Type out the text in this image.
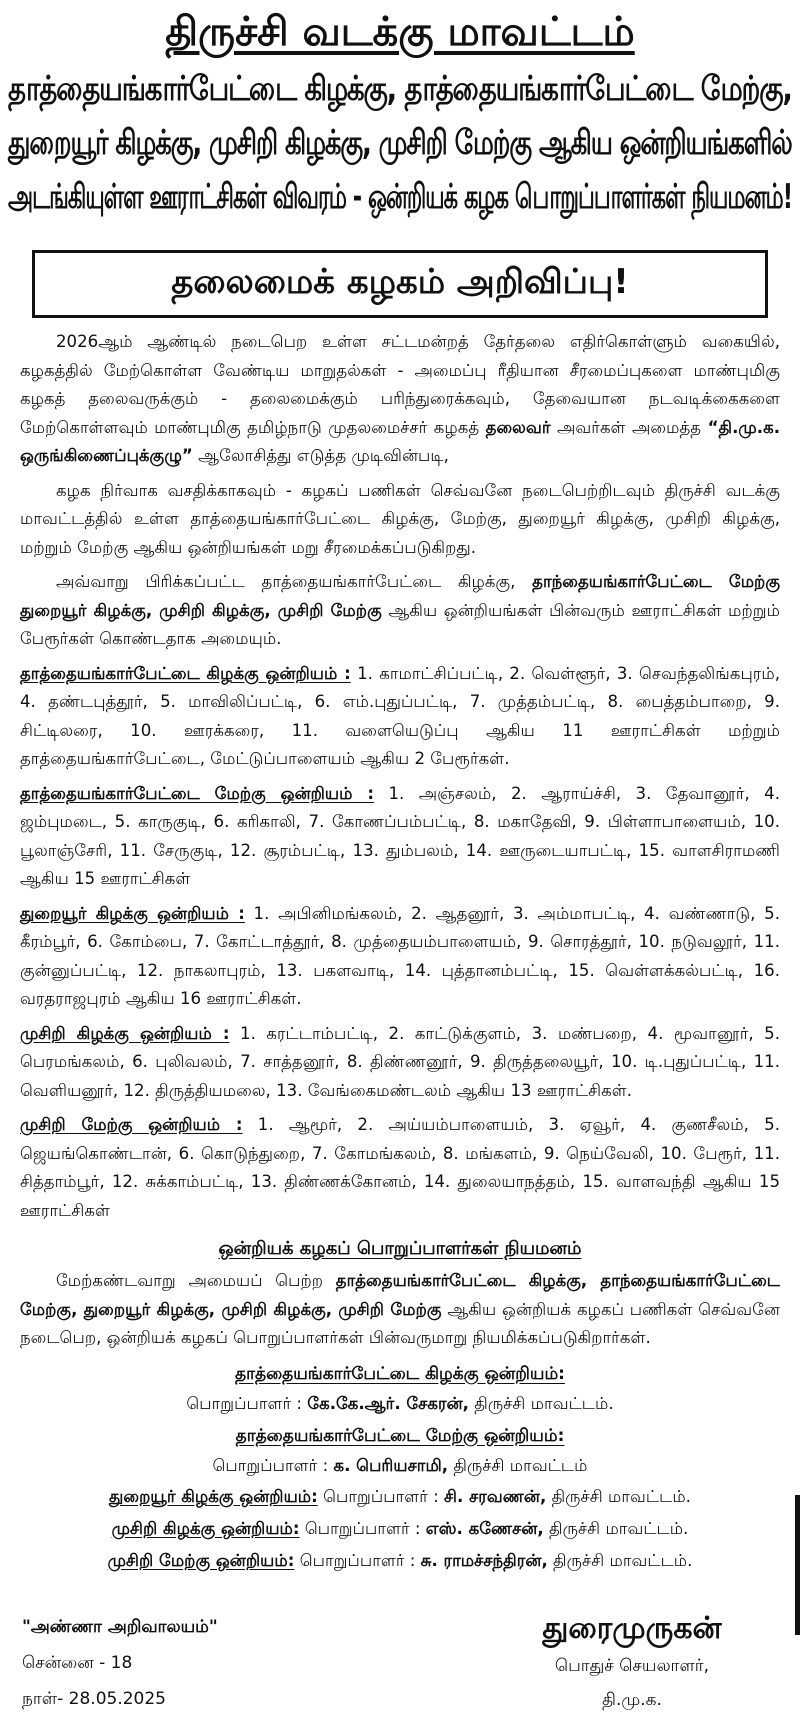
திருச்சி வடக்கு மாவட்டம்

தாத்தையங்கார்பேட்டை கிழக்கு, தாத்தையங்கார்பேட்டை மேற்கு,

துறையூர் கிழக்கு, முசிறி கிழக்கு, முசிறி மேற்கு ஆகிய ஒன்றியங்களில்

அடங்கியுள்ள ஊராட்சிகள் விவரம் - ஒன்றியக் கழக பொறுப்பாளர்கள் நியமனம்!

தலைமைக் கழகம் அறிவிப்பு!

2026ஆம் ஆண்டில் நடைபெற உள்ள சட்டமன்றத் தேர்தலை எதிர்கொள்ளும் வகையில், கழகத்தில் மேற்கொள்ள வேண்டிய மாறுதல்கள் - அமைப்பு ரீதியான சீரமைப்புகளை மாண்புமிகு கழகத் தலைவருக்கும் - தலைமைக்கும் பரிந்துரைக்கவும், தேவையான நடவடிக்கைகளை மேற்கொள்ளவும் மாண்புமிகு தமிழ்நாடு முதலமைச்சர் கழகத் தலைவர் அவர்கள் அமைத்த “தி.மு.க. ஒருங்கிணைப்புக்குழு” ஆலோசித்து எடுத்த முடிவின்படி,

கழக நிர்வாக வசதிக்காகவும் - கழகப் பணிகள் செவ்வனே நடைபெற்றிடவும் திருச்சி வடக்கு மாவட்டத்தில் உள்ள தாத்தையங்கார்பேட்டை கிழக்கு, மேற்கு, துறையூர் கிழக்கு, முசிறி கிழக்கு, மற்றும் மேற்கு ஆகிய ஒன்றியங்கள் மறு சீரமைக்கப்படுகிறது.

அவ்வாறு பிரிக்கப்பட்ட தாத்தையங்கார்பேட்டை கிழக்கு, தாந்தையங்கார்பேட்டை மேற்கு துறையூர் கிழக்கு, முசிறி கிழக்கு, முசிறி மேற்கு ஆகிய ஒன்றியங்கள் பின்வரும் ஊராட்சிகள் மற்றும் பேரூர்கள் கொண்டதாக அமையும்.

தாத்தையங்கார்பேட்டை கிழக்கு ஒன்றியம் : 1. காமாட்சிப்பட்டி, 2. வெள்ளூர், 3. செவந்தலிங்கபுரம், 4. தண்டபுத்தூர், 5. மாவிலிப்பட்டி, 6. எம்.புதுப்பட்டி, 7. முத்தம்பட்டி, 8. பைத்தம்பாறை, 9. சிட்டிலரை, 10. ஊரக்கரை, 11. வளையெடுப்பு ஆகிய 11 ஊராட்சிகள் மற்றும் தாத்தையங்கார்பேட்டை, மேட்டுப்பாளையம் ஆகிய 2 பேரூர்கள்.

தாத்தையங்கார்பேட்டை மேற்கு ஒன்றியம் : 1. அஞ்சலம், 2. ஆராய்ச்சி, 3. தேவானூர், 4. ஜம்புமடை, 5. காருகுடி, 6. கரிகாலி, 7. கோணப்பம்பட்டி, 8. மகாதேவி, 9. பிள்ளாபாளையம், 10. பூலாஞ்சேரி, 11. சேருகுடி, 12. சூரம்பட்டி, 13. தும்பலம், 14. ஊருடையாபட்டி, 15. வாளசிராமணி ஆகிய 15 ஊராட்சிகள்

துறையூர் கிழக்கு ஒன்றியம் : 1. அபினிமங்கலம், 2. ஆதனூர், 3. அம்மாபட்டி, 4. வண்ணாடு, 5. கீரம்பூர், 6. கோம்பை, 7. கோட்டாத்தூர், 8. முத்தையம்பாளையம், 9. சொரத்தூர், 10. நடுவலூர், 11. குன்னுப்பட்டி, 12. நாகலாபுரம், 13. பகளவாடி, 14. புத்தானம்பட்டி, 15. வெள்ளக்கல்பட்டி, 16. வரதராஜபுரம் ஆகிய 16 ஊராட்சிகள்.

முசிறி கிழக்கு ஒன்றியம் : 1. கரட்டாம்பட்டி, 2. காட்டுக்குளம், 3. மண்பறை, 4. மூவானூர், 5. பெரமங்கலம், 6. புலிவலம், 7. சாத்தனூர், 8. திண்ணனூர், 9. திருத்தலையூர், 10. டி.புதுப்பட்டி, 11. வெளியனூர், 12. திருத்தியமலை, 13. வேங்கைமண்டலம் ஆகிய 13 ஊராட்சிகள்.

முசிறி மேற்கு ஒன்றியம் : 1. ஆமூர், 2. அய்யம்பாளையம், 3. ஏவூர், 4. குணசீலம், 5. ஜெயங்கொண்டான், 6. கொடுந்துறை, 7. கோமங்கலம், 8. மங்களம், 9. நெய்வேலி, 10. பேரூர், 11. சித்தாம்பூர், 12. சுக்காம்பட்டி, 13. திண்ணக்கோனம், 14. துலையாநத்தம், 15. வாளவந்தி ஆகிய 15 ஊராட்சிகள்

ஒன்றியக் கழகப் பொறுப்பாளர்கள் நியமனம்

மேற்கண்டவாறு அமையப் பெற்ற தாத்தையங்கார்பேட்டை கிழக்கு, தாந்தையங்கார்பேட்டை மேற்கு, துறையூர் கிழக்கு, முசிறி கிழக்கு, முசிறி மேற்கு ஆகிய ஒன்றியக் கழகப் பணிகள் செவ்வனே நடைபெற, ஒன்றியக் கழகப் பொறுப்பாளர்கள் பின்வருமாறு நியமிக்கப்படுகிறார்கள்.

தாத்தையங்கார்பேட்டை கிழக்கு ஒன்றியம்:

பொறுப்பாளர் : கே.கே.ஆர். சேகரன், திருச்சி மாவட்டம்.

தாத்தையங்கார்பேட்டை மேற்கு ஒன்றியம்:

பொறுப்பாளர் : க. பெரியசாமி, திருச்சி மாவட்டம்

துறையூர் கிழக்கு ஒன்றியம்: பொறுப்பாளர் : சி. சரவணன், திருச்சி மாவட்டம்.

முசிறி கிழக்கு ஒன்றியம்: பொறுப்பாளர் : எஸ். கணேசன், திருச்சி மாவட்டம்.

முசிறி மேற்கு ஒன்றியம்: பொறுப்பாளர் : சு. ராமச்சந்திரன், திருச்சி மாவட்டம்.

"அண்ணா அறிவாலயம்"
சென்னை - 18
நாள்- 28.05.2025
துரைமுருகன்
பொதுச் செயலாளர்,
தி.மு.க.
